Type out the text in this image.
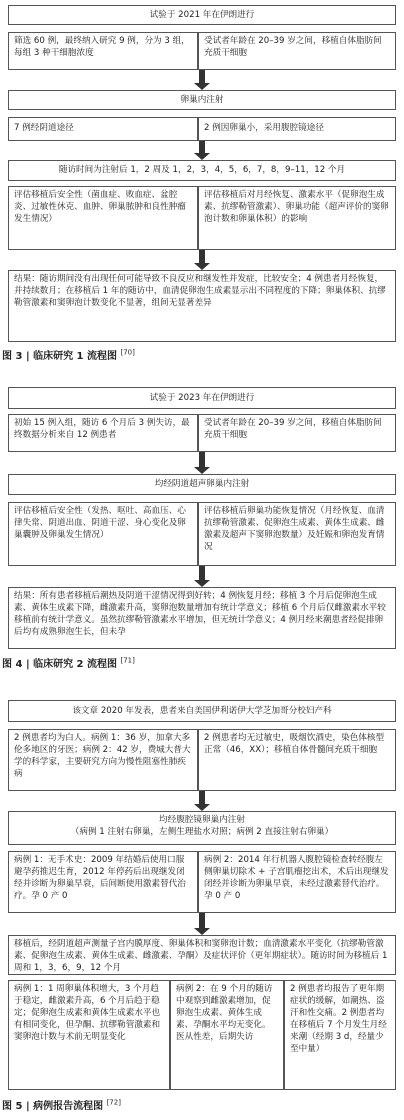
试验于 2021 年在伊朗进行
筛选 60 例，最终纳入研究 9 例，分为 3 组，每组 3 种干细胞浓度
受试者年龄在 20–39 岁之间，移植自体脂肪间充质干细胞
卵巢内注射
7 例经阴道途径	2 例因卵巢小，采用腹腔镜途径
随访时间为注射后 1，2 周及 1，2，3，4，5，6，7，8，9–11，12 个月
评估移植后安全性（菌血症、败血症、盆腔炎、过敏性休克、血肿、卵巢脓肿和良性肿瘤发生情况）
评估移植后对月经恢复、激素水平（促卵泡生成素、抗缪勒管激素）、卵巢功能（超声评价的窦卵泡计数和卵巢体积）的影响
结果：随访期间没有出现任何可能导致不良反应和继发性并发症，比较安全；4 例患者月经恢复，并持续数月；在移植后 1 年的随访中，血清促卵泡生成素显示出不同程度的下降；卵巢体积、抗缪勒管激素和窦卵泡计数变化不显著，组间无显著差异
图 3 | 临床研究 1 流程图 [70]
试验于 2023 年在伊朗进行
初始 15 例入组，随访 6 个月后 3 例失访，最终数据分析来自 12 例患者
受试者年龄在 20–39 岁之间，移植自体脂肪间充质干细胞
均经阴道超声卵巢内注射
评估移植后安全性（发热、呕吐、高血压、心律失常、阴道出血、阴道干涩、身心变化及卵巢囊肿及卵巢发生情况）
评估移植后卵巢功能恢复情况（月经恢复、血清抗缪勒管激素、促卵泡生成素、黄体生成素、雌激素及超声下窦卵泡数量）及妊娠和卵泡发育情况
结果：所有患者移植后潮热及阴道干涩情况得到好转；4 例恢复月经；移植 3 个月后促卵泡生成素、黄体生成素下降，雌激素升高，窦卵泡数量增加有统计学意义；移植 6 个月后仅雌激素水平较移植前有统计学意义。虽然抗缪勒管激素水平增加，但无统计学意义；4 例月经来潮患者经促排卵后均有成熟卵泡生长，但未孕
图 4 | 临床研究 2 流程图 [71]
该文章 2020 年发表，患者来自美国伊利诺伊大学芝加哥分校妇产科
2 例患者均为白人。病例 1：36 岁，加拿大多伦多地区的牙医；病例 2：42 岁，费城大普大学的科学家，主要研究方向为慢性阻塞性肺疾病
2 例患者均无过敏史，吸烟饮酒史，染色体核型正常（46，XX）；移植自体骨髓间充质干细胞
均经腹腔镜卵巢内注射
（病例 1 注射右卵巢，左侧生理盐水对照；病例 2 直接注射右卵巢）
病例 1：无手术史：2009 年结婚后使用口服避孕药推迟生育，2012 年停药后出现继发闭经并诊断为卵巢早衰，后间断使用激素替代治疗。孕 0 产 0
病例 2：2014 年行机器人腹腔镜检查转经腹左侧卵巢切除术 + 子宫肌瘤挖出术，术后出现继发闭经并诊断为卵巢早衰，未经过激素替代治疗。孕 0 产 0
移植后，经阴道超声测量子宫内膜厚度、卵巢体积和窦卵泡计数；血清激素水平变化（抗缪勒管激素、促卵泡生成素、黄体生成素、雌激素、孕酮）及症状评价（更年期症状）。随访时间为移植后 1 周和 1，3，6，9，12 个月
病例 1：1 周卵巢体积增大，3 个月趋于稳定，雌激素升高，6 个月后趋于稳定；促卵泡生成素和黄体生成素水平也有相同变化，但孕酮、抗缪勒管激素和窦卵泡计数与术前无明显变化
病例 2：在 9 个月的随访中观察到雌激素增加，促卵泡生成素、黄体生成素、孕酮水平均无变化。医从性差，后期失访
2 例患者均报告了更年期症状的缓解，如潮热、盗汗和性交痛。2 例患者均在移植后 7 个月发生月经来潮（经期 3 d，经量少至中量）
图 5 | 病例报告流程图 [72]
